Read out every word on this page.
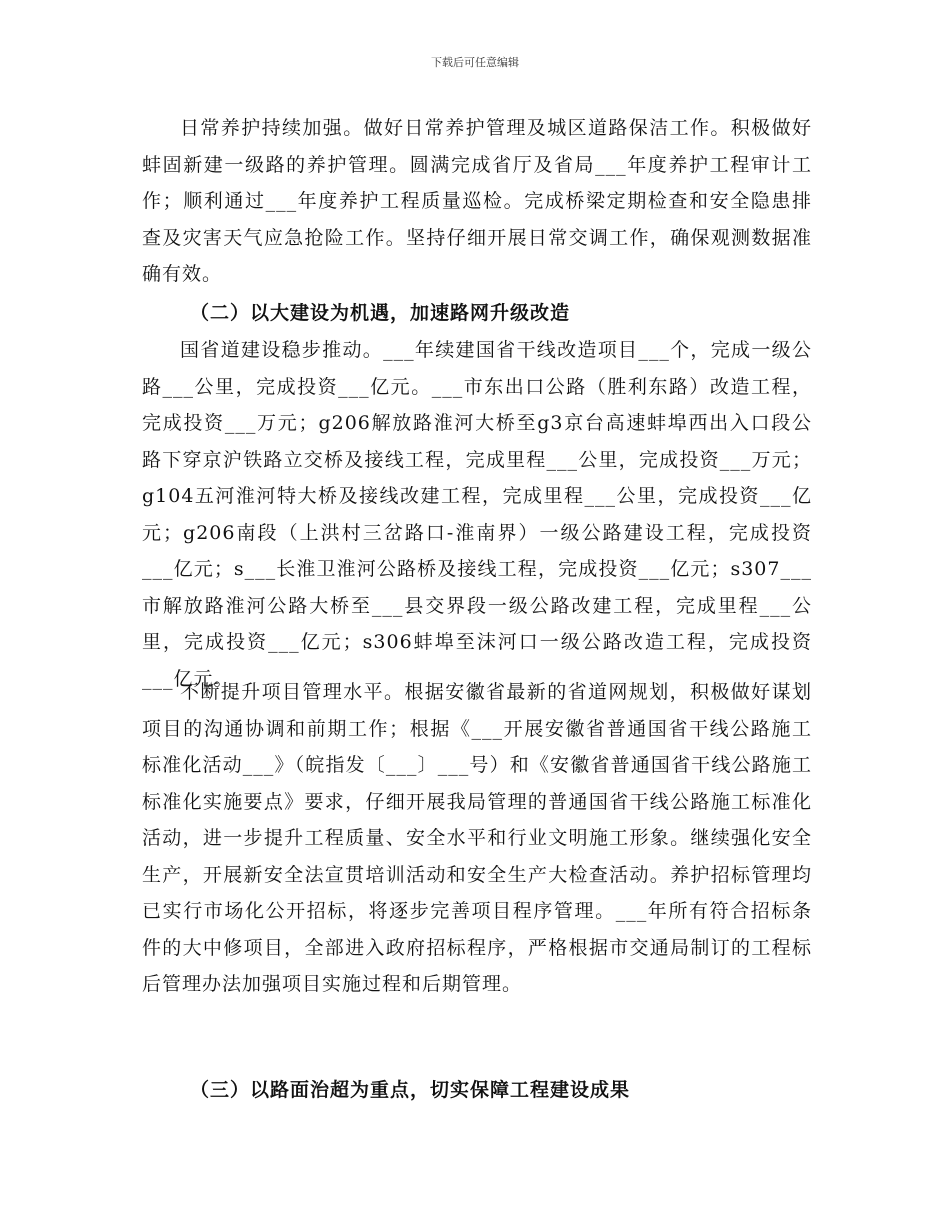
下载后可任意编辑

日常养护持续加强。做好日常养护管理及城区道路保洁工作。积极做好蚌固新建一级路的养护管理。圆满完成省厅及省局___年度养护工程审计工作；顺利通过___年度养护工程质量巡检。完成桥梁定期检查和安全隐患排查及灾害天气应急抢险工作。坚持仔细开展日常交调工作，确保观测数据准确有效。

（二）以大建设为机遇，加速路网升级改造

国省道建设稳步推动。___年续建国省干线改造项目___个，完成一级公路___公里，完成投资___亿元。___市东出口公路（胜利东路）改造工程，完成投资___万元；g206解放路淮河大桥至g3京台高速蚌埠西出入口段公路下穿京沪铁路立交桥及接线工程，完成里程___公里，完成投资___万元；g104五河淮河特大桥及接线改建工程，完成里程___公里，完成投资___亿元；g206南段（上洪村三岔路口-淮南界）一级公路建设工程，完成投资___亿元；s___长淮卫淮河公路桥及接线工程，完成投资___亿元；s307___市解放路淮河公路大桥至___县交界段一级公路改建工程，完成里程___公里，完成投资___亿元；s306蚌埠至沫河口一级公路改造工程，完成投资___亿元。

不断提升项目管理水平。根据安徽省最新的省道网规划，积极做好谋划项目的沟通协调和前期工作；根据《___开展安徽省普通国省干线公路施工标准化活动___》（皖指发〔___〕___号）和《安徽省普通国省干线公路施工标准化实施要点》要求，仔细开展我局管理的普通国省干线公路施工标准化活动，进一步提升工程质量、安全水平和行业文明施工形象。继续强化安全生产，开展新安全法宣贯培训活动和安全生产大检查活动。养护招标管理均已实行市场化公开招标，将逐步完善项目程序管理。___年所有符合招标条件的大中修项目，全部进入政府招标程序，严格根据市交通局制订的工程标后管理办法加强项目实施过程和后期管理。

（三）以路面治超为重点，切实保障工程建设成果
